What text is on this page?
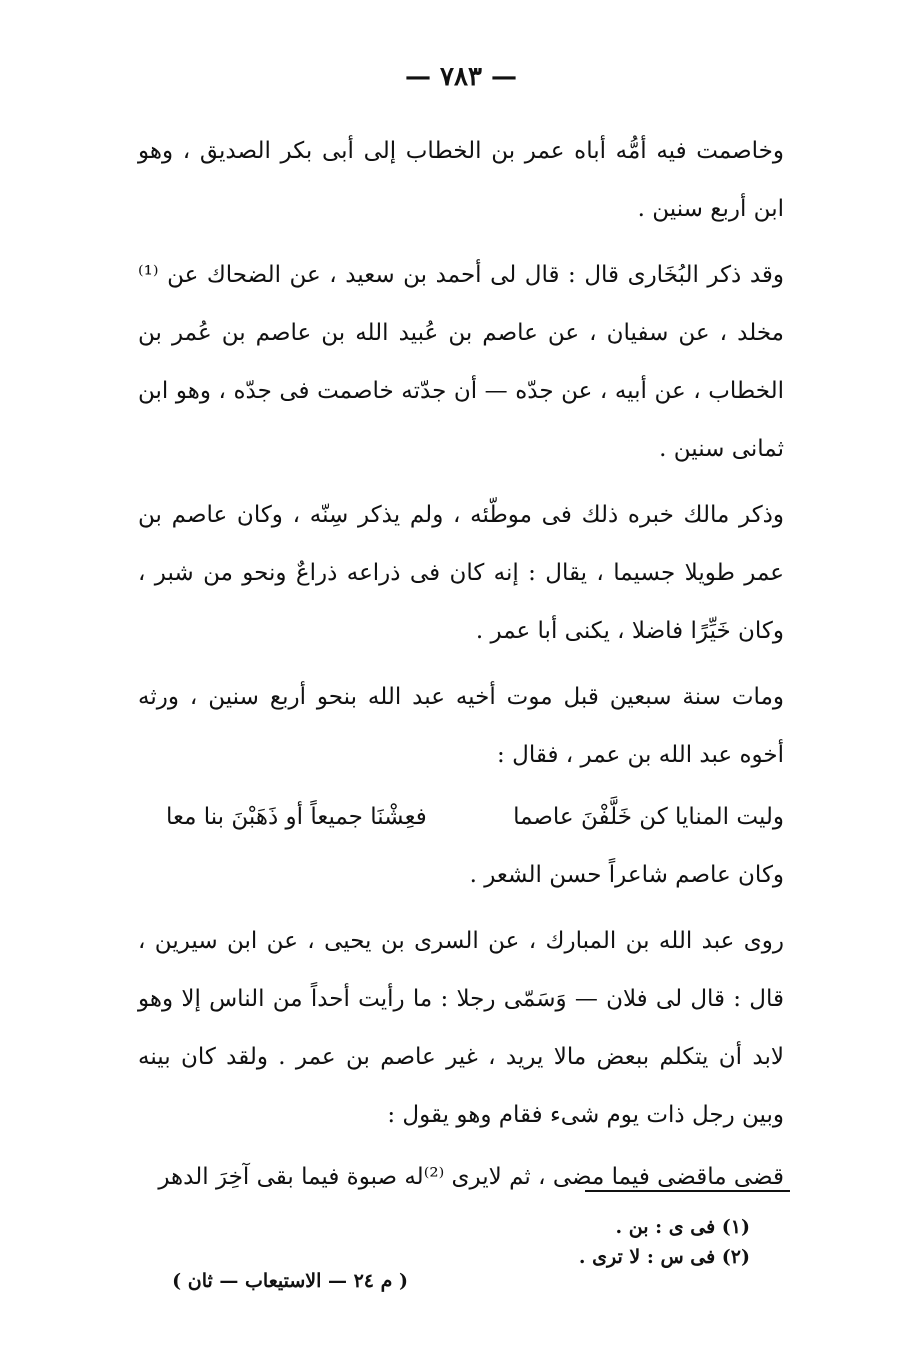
— ٧٨٣ —

وخاصمت فيه أمُّه أباه عمر بن الخطاب إلى أبى بكر الصديق ، وهو ابن أربع سنين .

وقد ذكر البُخَارى قال : قال لى أحمد بن سعيد ، عن الضحاك عن ⁽¹⁾ مخلد ، عن سفيان ، عن عاصم بن عُبيد الله بن عاصم بن عُمر بن الخطاب ، عن أبيه ، عن جدّه — أن جدّته خاصمت فى جدّه ، وهو ابن ثمانى سنين .

وذكر مالك خبره ذلك فى موطّئه ، ولم يذكر سِنّه ، وكان عاصم بن عمر طويلا جسيما ، يقال : إنه كان فى ذراعه ذراعٌ ونحو من شبر ، وكان خَيِّرًا فاضلا ، يكنى أبا عمر .

ومات سنة سبعين قبل موت أخيه عبد الله بنحو أربع سنين ، ورثه أخوه عبد الله بن عمر ، فقال :

وليت المنايا كن خَلَّفْنَ عاصما
فعِشْنَا جميعاً أو ذَهَبْنَ بنا معا

وكان عاصم شاعراً حسن الشعر .

روى عبد الله بن المبارك ، عن السرى بن يحيى ، عن ابن سيرين ، قال : قال لى فلان — وَسَمّى رجلا : ما رأيت أحداً من الناس إلا وهو لابد أن يتكلم ببعض مالا يريد ، غير عاصم بن عمر . ولقد كان بينه وبين رجل ذات يوم شىء فقام وهو يقول :

قضى ماقضى فيما مضى ، ثم لايرى ⁽²⁾
له صبوة فيما بقى آخِرَ الدهر
(١) فى ى : بن .
(٢) فى س : لا ترى .
( م ٢٤ — الاستيعاب — ثان )
